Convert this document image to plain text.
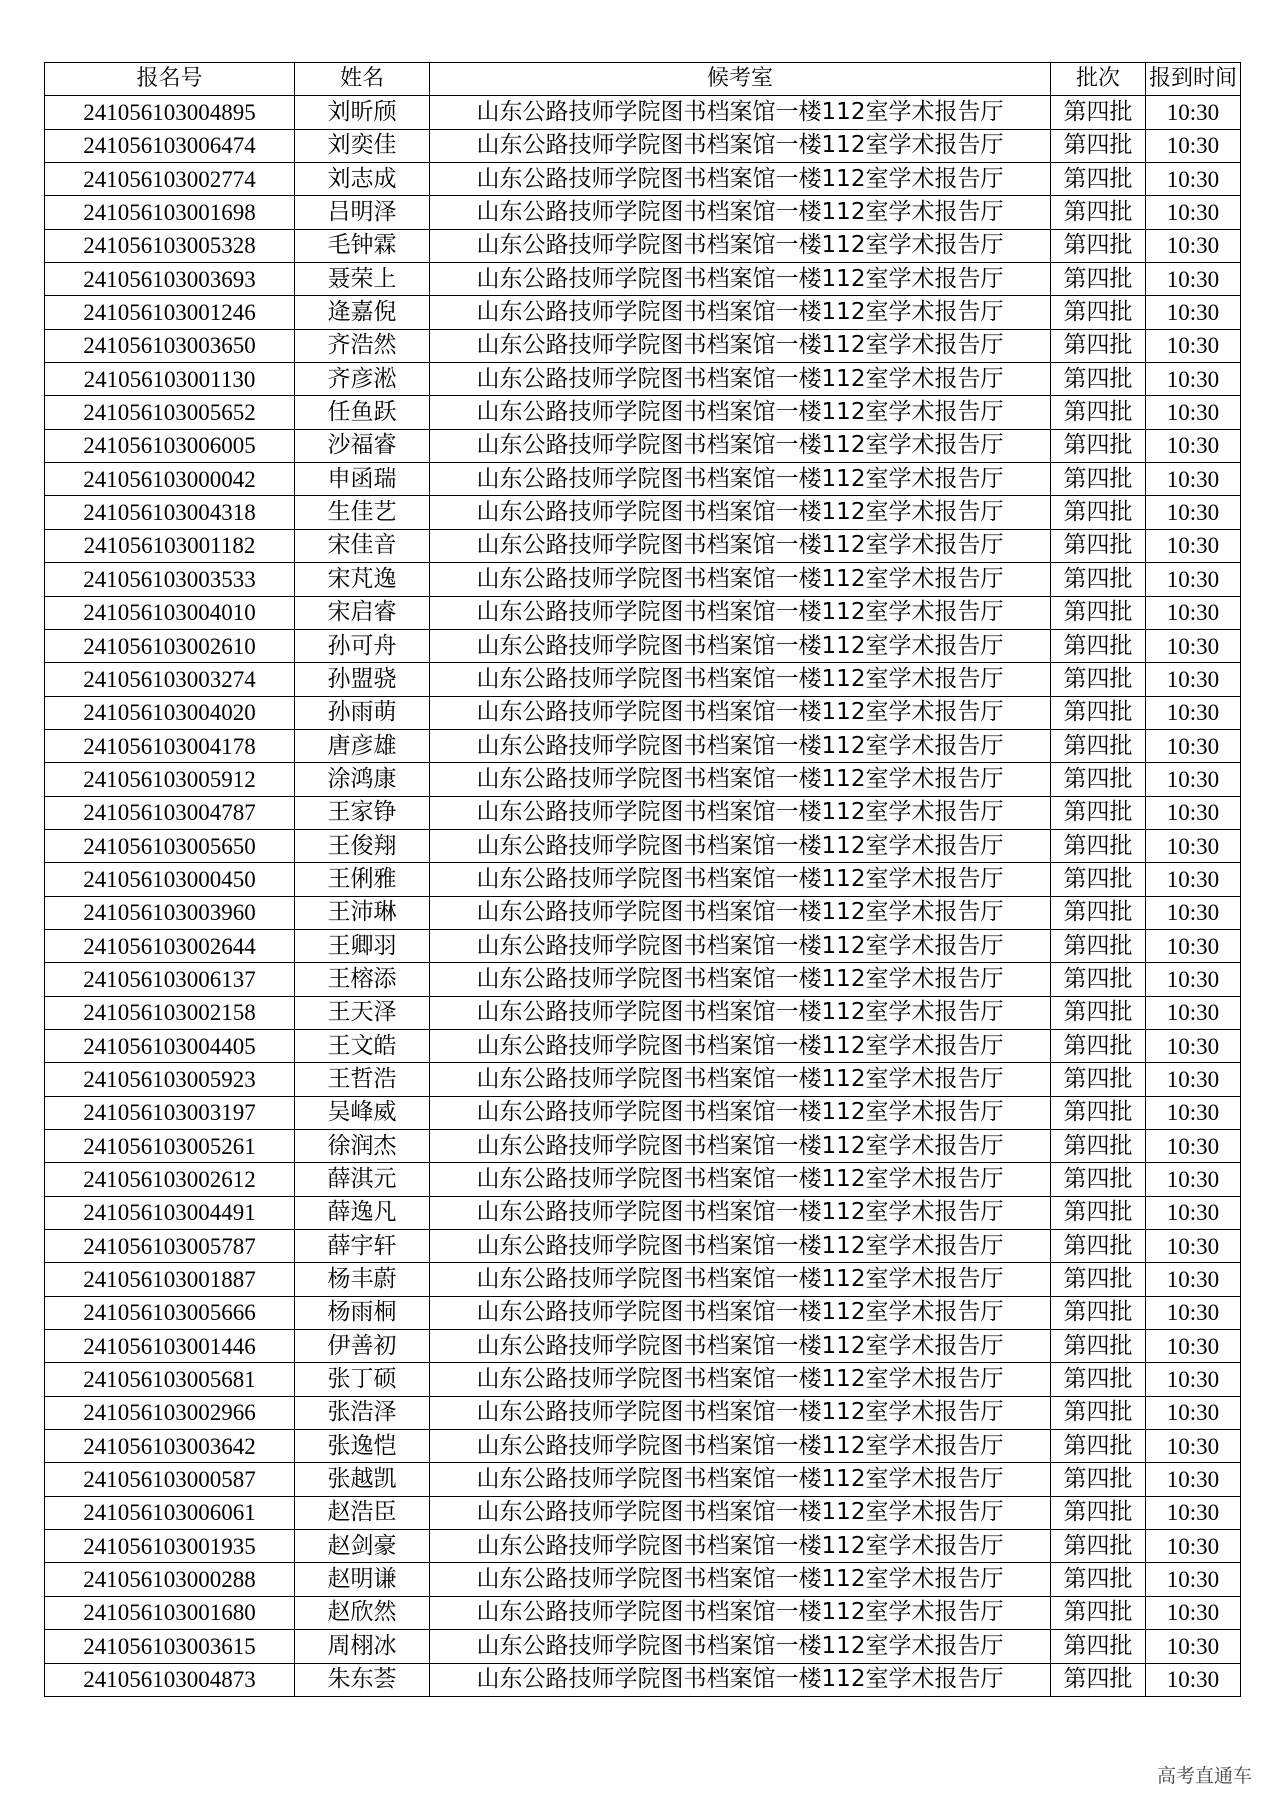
报名号	姓名	候考室	批次	报到时间
241056103004895	刘昕颀	山东公路技师学院图书档案馆一楼112室学术报告厅	第四批	10:30
241056103006474	刘奕佳	山东公路技师学院图书档案馆一楼112室学术报告厅	第四批	10:30
241056103002774	刘志成	山东公路技师学院图书档案馆一楼112室学术报告厅	第四批	10:30
241056103001698	吕明泽	山东公路技师学院图书档案馆一楼112室学术报告厅	第四批	10:30
241056103005328	毛钟霖	山东公路技师学院图书档案馆一楼112室学术报告厅	第四批	10:30
241056103003693	聂荣上	山东公路技师学院图书档案馆一楼112室学术报告厅	第四批	10:30
241056103001246	逄嘉倪	山东公路技师学院图书档案馆一楼112室学术报告厅	第四批	10:30
241056103003650	齐浩然	山东公路技师学院图书档案馆一楼112室学术报告厅	第四批	10:30
241056103001130	齐彦淞	山东公路技师学院图书档案馆一楼112室学术报告厅	第四批	10:30
241056103005652	任鱼跃	山东公路技师学院图书档案馆一楼112室学术报告厅	第四批	10:30
241056103006005	沙福睿	山东公路技师学院图书档案馆一楼112室学术报告厅	第四批	10:30
241056103000042	申函瑞	山东公路技师学院图书档案馆一楼112室学术报告厅	第四批	10:30
241056103004318	生佳艺	山东公路技师学院图书档案馆一楼112室学术报告厅	第四批	10:30
241056103001182	宋佳音	山东公路技师学院图书档案馆一楼112室学术报告厅	第四批	10:30
241056103003533	宋芃逸	山东公路技师学院图书档案馆一楼112室学术报告厅	第四批	10:30
241056103004010	宋启睿	山东公路技师学院图书档案馆一楼112室学术报告厅	第四批	10:30
241056103002610	孙可舟	山东公路技师学院图书档案馆一楼112室学术报告厅	第四批	10:30
241056103003274	孙盟骁	山东公路技师学院图书档案馆一楼112室学术报告厅	第四批	10:30
241056103004020	孙雨萌	山东公路技师学院图书档案馆一楼112室学术报告厅	第四批	10:30
241056103004178	唐彦雄	山东公路技师学院图书档案馆一楼112室学术报告厅	第四批	10:30
241056103005912	涂鸿康	山东公路技师学院图书档案馆一楼112室学术报告厅	第四批	10:30
241056103004787	王家铮	山东公路技师学院图书档案馆一楼112室学术报告厅	第四批	10:30
241056103005650	王俊翔	山东公路技师学院图书档案馆一楼112室学术报告厅	第四批	10:30
241056103000450	王俐雅	山东公路技师学院图书档案馆一楼112室学术报告厅	第四批	10:30
241056103003960	王沛琳	山东公路技师学院图书档案馆一楼112室学术报告厅	第四批	10:30
241056103002644	王卿羽	山东公路技师学院图书档案馆一楼112室学术报告厅	第四批	10:30
241056103006137	王榕添	山东公路技师学院图书档案馆一楼112室学术报告厅	第四批	10:30
241056103002158	王天泽	山东公路技师学院图书档案馆一楼112室学术报告厅	第四批	10:30
241056103004405	王文皓	山东公路技师学院图书档案馆一楼112室学术报告厅	第四批	10:30
241056103005923	王哲浩	山东公路技师学院图书档案馆一楼112室学术报告厅	第四批	10:30
241056103003197	吴峰威	山东公路技师学院图书档案馆一楼112室学术报告厅	第四批	10:30
241056103005261	徐润杰	山东公路技师学院图书档案馆一楼112室学术报告厅	第四批	10:30
241056103002612	薛淇元	山东公路技师学院图书档案馆一楼112室学术报告厅	第四批	10:30
241056103004491	薛逸凡	山东公路技师学院图书档案馆一楼112室学术报告厅	第四批	10:30
241056103005787	薛宇轩	山东公路技师学院图书档案馆一楼112室学术报告厅	第四批	10:30
241056103001887	杨丰蔚	山东公路技师学院图书档案馆一楼112室学术报告厅	第四批	10:30
241056103005666	杨雨桐	山东公路技师学院图书档案馆一楼112室学术报告厅	第四批	10:30
241056103001446	伊善初	山东公路技师学院图书档案馆一楼112室学术报告厅	第四批	10:30
241056103005681	张丁硕	山东公路技师学院图书档案馆一楼112室学术报告厅	第四批	10:30
241056103002966	张浩泽	山东公路技师学院图书档案馆一楼112室学术报告厅	第四批	10:30
241056103003642	张逸恺	山东公路技师学院图书档案馆一楼112室学术报告厅	第四批	10:30
241056103000587	张越凯	山东公路技师学院图书档案馆一楼112室学术报告厅	第四批	10:30
241056103006061	赵浩臣	山东公路技师学院图书档案馆一楼112室学术报告厅	第四批	10:30
241056103001935	赵剑豪	山东公路技师学院图书档案馆一楼112室学术报告厅	第四批	10:30
241056103000288	赵明谦	山东公路技师学院图书档案馆一楼112室学术报告厅	第四批	10:30
241056103001680	赵欣然	山东公路技师学院图书档案馆一楼112室学术报告厅	第四批	10:30
241056103003615	周栩冰	山东公路技师学院图书档案馆一楼112室学术报告厅	第四批	10:30
241056103004873	朱东荟	山东公路技师学院图书档案馆一楼112室学术报告厅	第四批	10:30
高考直通车
